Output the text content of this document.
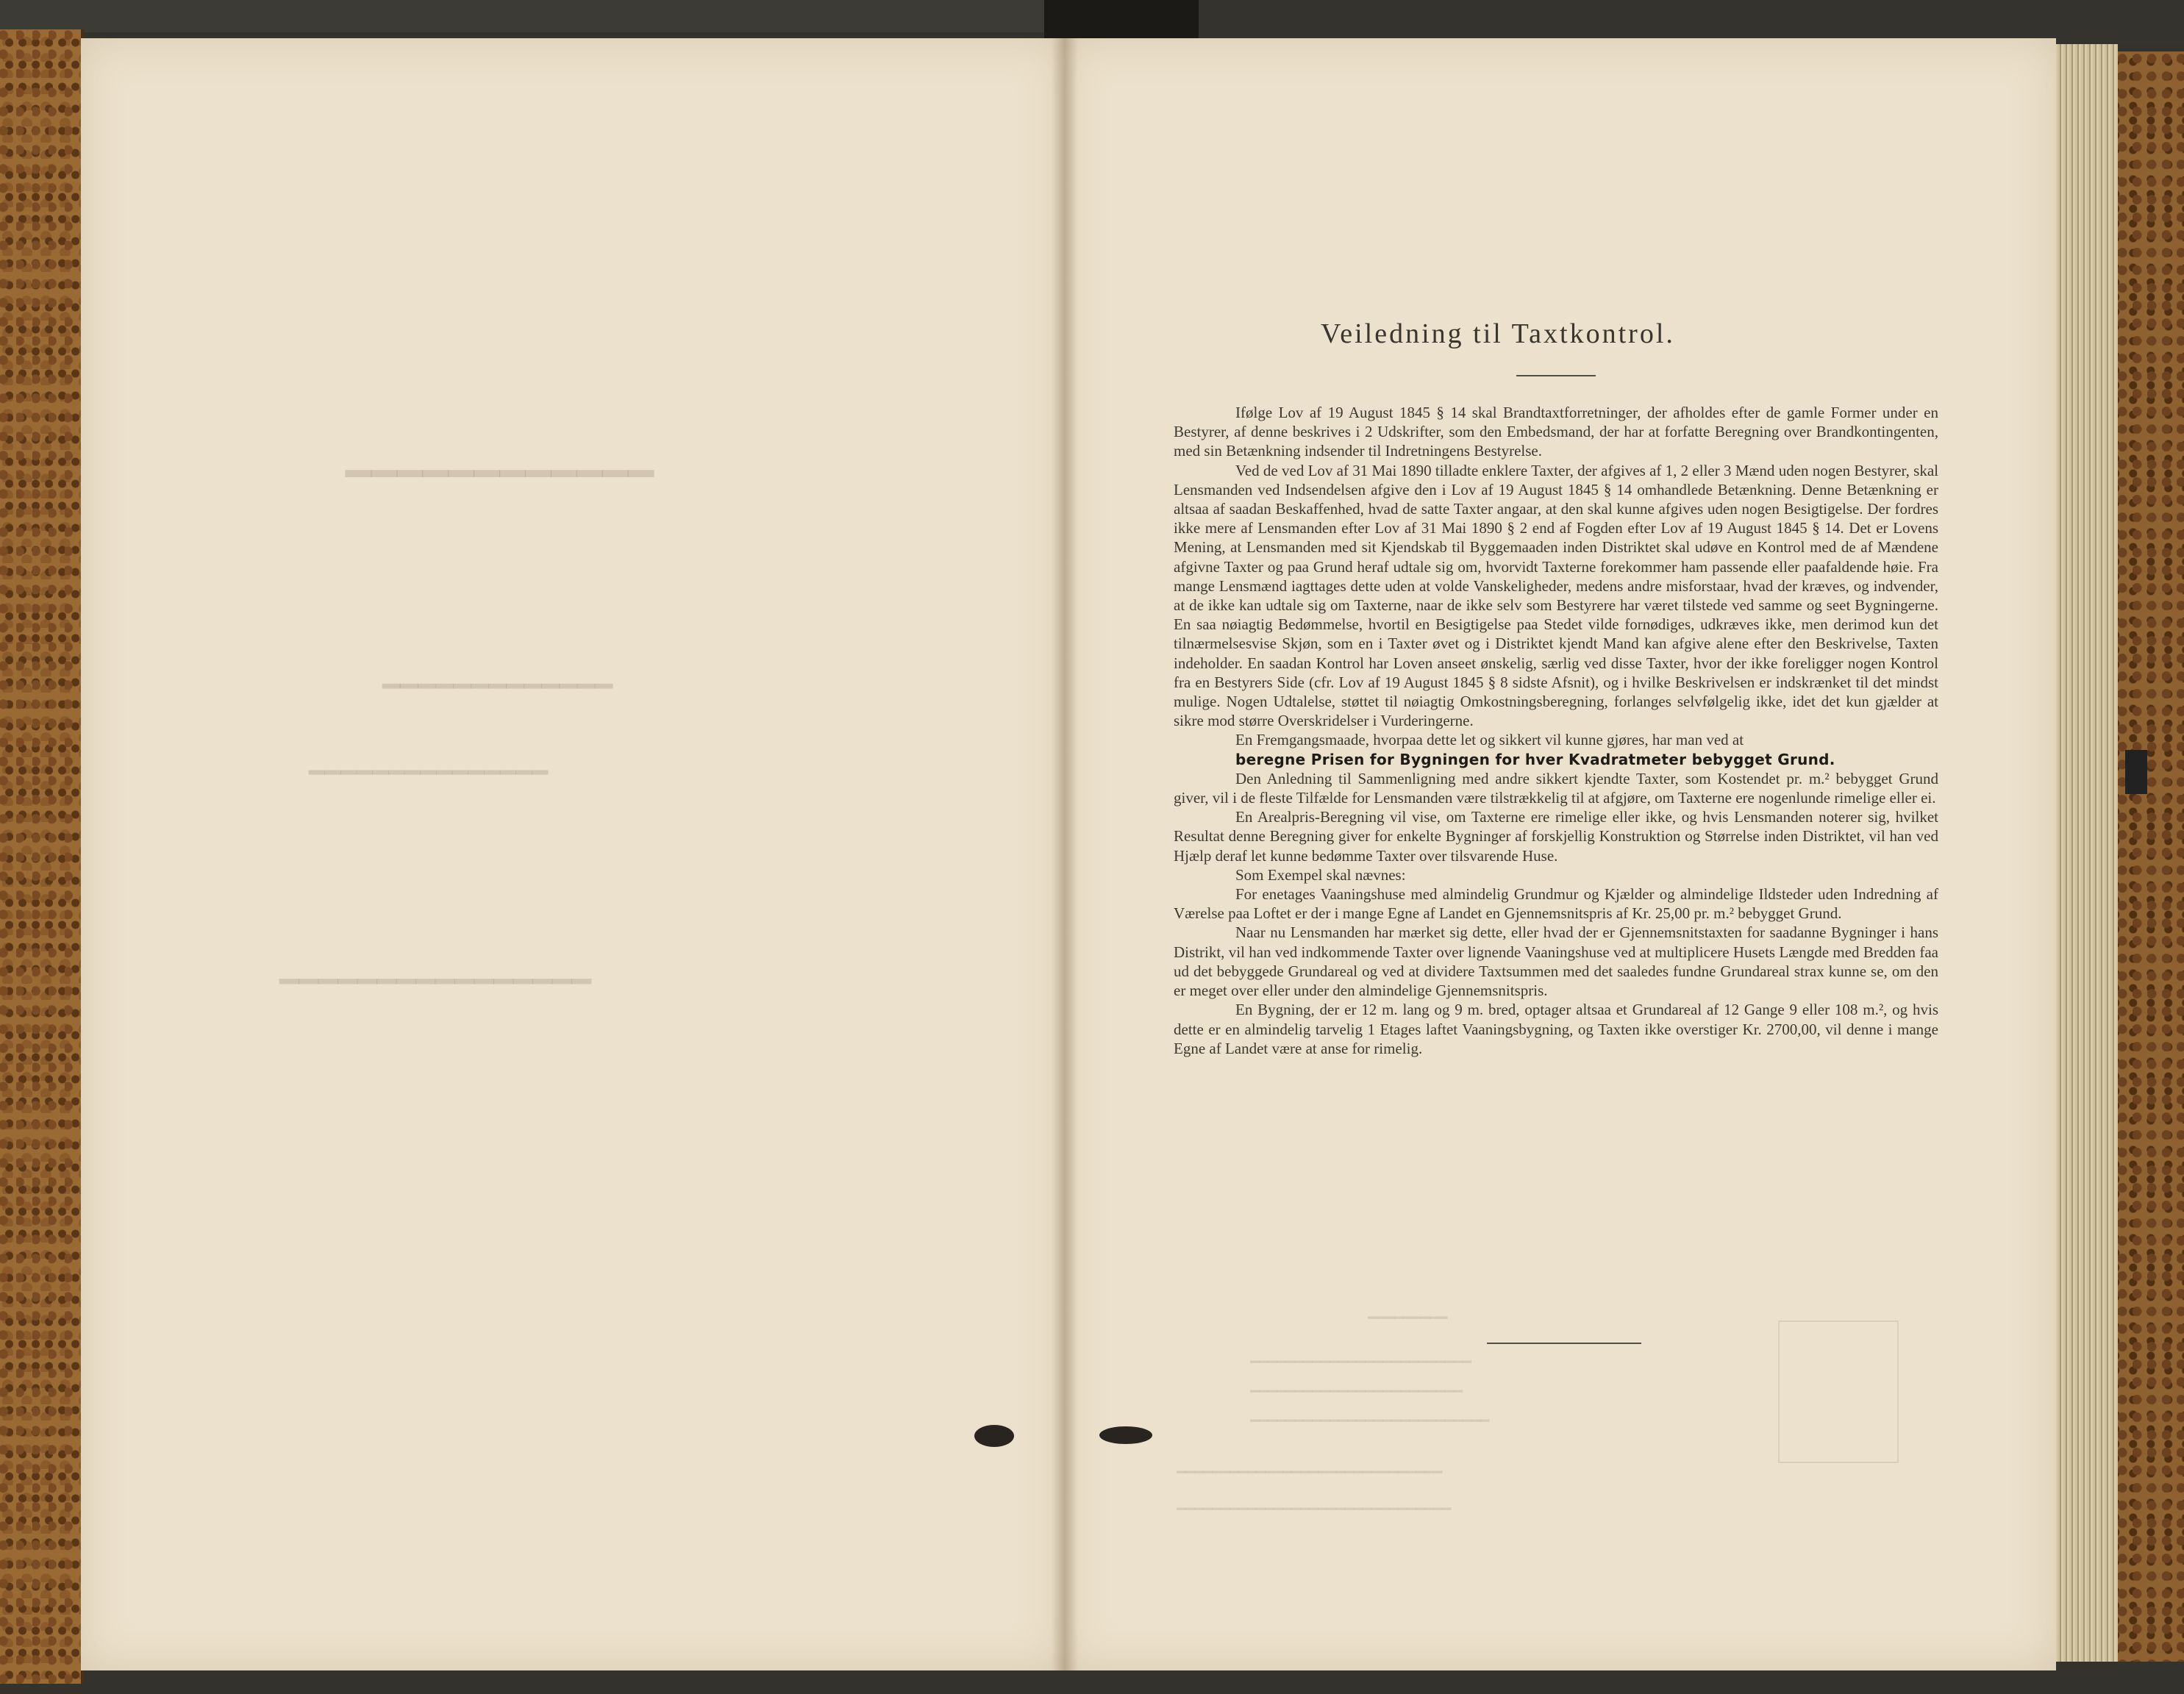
━━━━━━━━━━━━
━━━━━━━━━━━━━
━━━━━━━━━━━━━━━
━━━━━━━━━━━━━━━━
Veiledning til Taxtkontrol.

Ifølge Lov af 19 August 1845 § 14 skal Brandtaxtforretninger, der afholdes efter de gamle Former under en Bestyrer, af denne beskrives i 2 Udskrifter, som den Embedsmand, der har at forfatte Beregning over Brandkontingenten, med sin Betænkning indsender til Indretningens Bestyrelse.

Ved de ved Lov af 31 Mai 1890 tilladte enklere Taxter, der afgives af 1, 2 eller 3 Mænd uden nogen Bestyrer, skal Lensmanden ved Indsendelsen afgive den i Lov af 19 August 1845 § 14 omhandlede Betænkning. Denne Betænkning er altsaa af saadan Beskaffenhed, hvad de satte Taxter angaar, at den skal kunne afgives uden nogen Besigtigelse. Der fordres ikke mere af Lensmanden efter Lov af 31 Mai 1890 § 2 end af Fogden efter Lov af 19 August 1845 § 14. Det er Lovens Mening, at Lensmanden med sit Kjendskab til Byggemaaden inden Distriktet skal udøve en Kontrol med de af Mændene afgivne Taxter og paa Grund heraf udtale sig om, hvorvidt Taxterne forekommer ham passende eller paafaldende høie. Fra mange Lensmænd iagttages dette uden at volde Vanskeligheder, medens andre misforstaar, hvad der kræves, og indvender, at de ikke kan udtale sig om Taxterne, naar de ikke selv som Bestyrere har været tilstede ved samme og seet Bygningerne. En saa nøiagtig Bedømmelse, hvortil en Besigtigelse paa Stedet vilde fornødiges, udkræves ikke, men derimod kun det tilnærmelsesvise Skjøn, som en i Taxter øvet og i Distriktet kjendt Mand kan afgive alene efter den Beskrivelse, Taxten indeholder. En saadan Kontrol har Loven anseet ønskelig, særlig ved disse Taxter, hvor der ikke foreligger nogen Kontrol fra en Bestyrers Side (cfr. Lov af 19 August 1845 § 8 sidste Afsnit), og i hvilke Beskrivelsen er indskrænket til det mindst mulige. Nogen Udtalelse, støttet til nøiagtig Omkostningsberegning, forlanges selvfølgelig ikke, idet det kun gjælder at sikre mod større Overskridelser i Vurderingerne.

En Fremgangsmaade, hvorpaa dette let og sikkert vil kunne gjøres, har man ved at

beregne Prisen for Bygningen for hver Kvadratmeter bebygget Grund.

Den Anledning til Sammenligning med andre sikkert kjendte Taxter, som Kostendet pr. m.² bebygget Grund giver, vil i de fleste Tilfælde for Lensmanden være tilstrækkelig til at afgjøre, om Taxterne ere nogenlunde rimelige eller ei.

En Arealpris-Beregning vil vise, om Taxterne ere rimelige eller ikke, og hvis Lensmanden noterer sig, hvilket Resultat denne Beregning giver for enkelte Bygninger af forskjellig Konstruktion og Størrelse inden Distriktet, vil han ved Hjælp deraf let kunne bedømme Taxter over tilsvarende Huse.

Som Exempel skal nævnes:

For enetages Vaaningshuse med almindelig Grundmur og Kjælder og almindelige Ildsteder uden Indredning af Værelse paa Loftet er der i mange Egne af Landet en Gjennemsnitspris af Kr. 25,00 pr. m.² bebygget Grund.

Naar nu Lensmanden har mærket sig dette, eller hvad der er Gjennemsnitstaxten for saadanne Bygninger i hans Distrikt, vil han ved indkommende Taxter over lignende Vaaningshuse ved at multiplicere Husets Længde med Bredden faa ud det bebyggede Grundareal og ved at dividere Taxtsummen med det saaledes fundne Grundareal strax kunne se, om den er meget over eller under den almindelige Gjennemsnitspris.

En Bygning, der er 12 m. lang og 9 m. bred, optager altsaa et Grundareal af 12 Gange 9 eller 108 m.², og hvis dette er en almindelig tarvelig 1 Etages laftet Vaaningsbygning, og Taxten ikke overstiger Kr. 2700,00, vil denne i mange Egne af Landet være at anse for rimelig.

━━━━━━━━━
━━━━━━━━━━━━━━━━━━━━━━━━━
━━━━━━━━━━━━━━━━━━━━━━━━
━━━━━━━━━━━━━━━━━━━━━━━━━━━
━━━━━━━━━━━━━━━━━━━━━━━━━━━━━━
━━━━━━━━━━━━━━━━━━━━━━━━━━━━━━━
